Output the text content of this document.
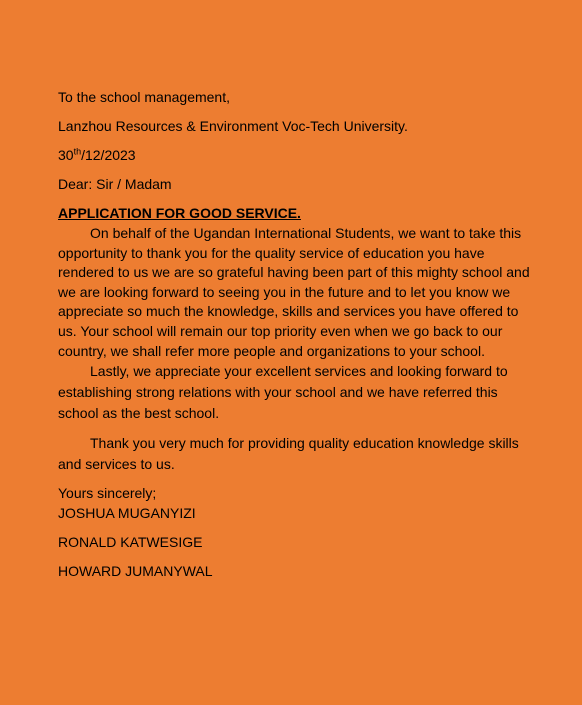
To the school management,

Lanzhou Resources & Environment Voc-Tech University.

30th/12/2023

Dear: Sir / Madam

APPLICATION FOR GOOD SERVICE.

On behalf of the Ugandan International Students, we want to take this opportunity to thank you for the quality service of education you have rendered to us we are so grateful having been part of this mighty school and we are looking forward to seeing you in the future and to let you know we appreciate so much the knowledge, skills and services you have offered to us. Your school will remain our top priority even when we go back to our country, we shall refer more people and organizations to your school.

Lastly, we appreciate your excellent services and looking forward to establishing strong relations with your school and we have referred this school as the best school.

Thank you very much for providing quality education knowledge skills and services to us.

Yours sincerely;

JOSHUA MUGANYIZI

RONALD KATWESIGE

HOWARD JUMANYWAL
